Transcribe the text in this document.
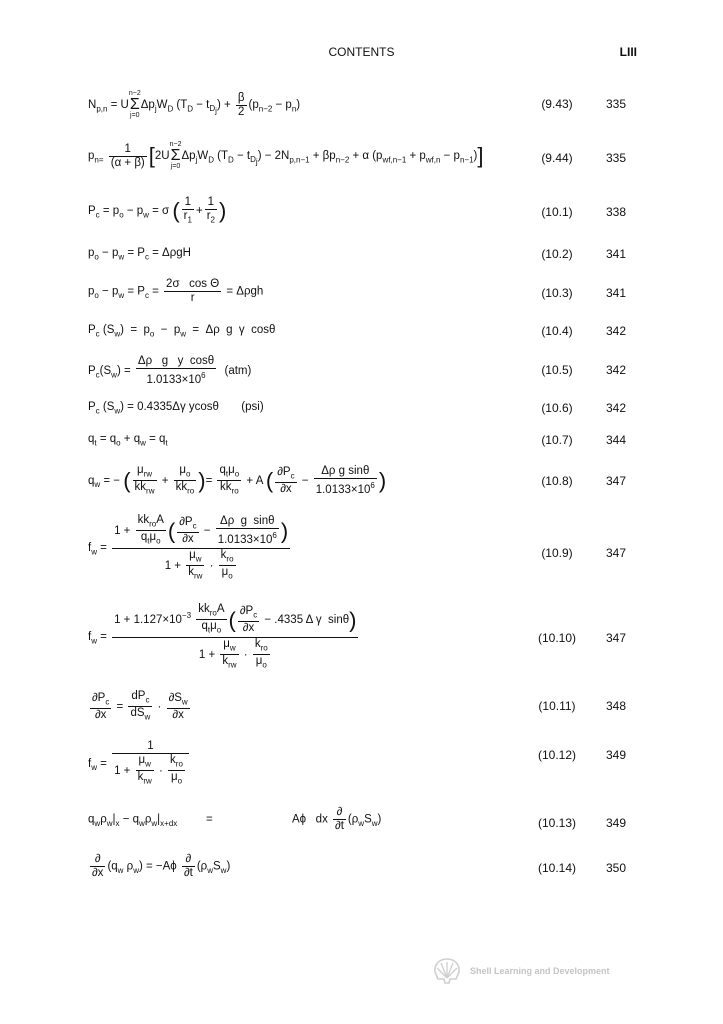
CONTENTS	LIII
$N_{p,n} = Un-2$
Σ
$j=0\Delta p_jW_D$ $(T_D - t_{D_j}) + \frac{\beta}{2} (p_{n-2} - p_n)$	(9.43)	335
$p_{n=} \frac{1}{(\alpha + \beta)} [2Un-2$
Σ
$j=0\Delta p_jW_D$ $(T_D - t_{D_j}) - 2N_{p,n-1} + \beta p_{n-2} + \alpha$ $(p_{wf,n-1} + p_{wf,n} - p_{n-1})$]	(9.44)	335
$P_c = p_o - p_w = \sigma$ ( $\frac{1}{r_1} + \frac{1}{r_2}$ )	(10.1)	338
$p_o - p_w = P_c = \Delta\rho gH$	(10.2)	341
$p_o - p_w = P_c = \frac{\text{2σ   cos Θ}}{r} = \Delta\rho gh$	(10.3)	341
$P_c$ $(S_w) = p_o - p_w = \Delta\rho$  g  γ  cosθ	(10.4)	342
$P_c(S_w) = \frac{\text{Δρ   g   y  cosθ}}{1.0133\times 10^6} (atm)$	(10.5)	342
$P_c$ $(S_w) = 0.4335\Delta\gamma$ ycosθ       (psi)	(10.6)	342
$q_t = q_o + q_w = q_t$	(10.7)	344
$q_w$ = − ( $\frac{\mu_{rw}}{kk_{rw}} + \frac{\mu_o}{kk_{ro}}$ )= $\frac{q_t\mu_o}{kk_{ro}} + A$ ( $\frac{\partial P_c}{\partial x} - \frac{\text{Δρ g sinθ}}{1.0133\times 10^6}$ )	(10.8)	347
$f_w = \frac{1 + \frac{kk_{ro}A}{q_t\mu_o} ( \frac{\partial P_c}{\partial x} - \frac{\text{Δρ  g  sinθ}}{1.0133\times 10^6} )}{1 + \frac{\mu_w}{k_{rw}} \cdot \frac{k_{ro}}{\mu_o}}$	(10.9)	347
$f_w = \frac{1 + 1.127\times 10^{-3} \frac{kk_{ro}A}{q_t\mu_o} ( \frac{\partial P_c}{\partial x} - .4335 \Delta \gamma \sin\theta)}{1 + \frac{\mu_w}{k_{rw}} \cdot \frac{k_{ro}}{\mu_o}}$	(10.10)	347
$\frac{\partial P_c}{\partial x} = \frac{dP_c}{dS_w} \cdot \frac{\partial S_w}{\partial x}$	(10.11)	348
$f_w = \frac{1}{1 + \frac{\mu_w}{k_{rw}} \cdot \frac{k_{ro}}{\mu_o}}$	(10.12)	349
$q_w\rho_w|_x - q_w\rho_w|_{x+dx}$         =                         Aϕ   dx $\frac{\partial}{\partial t} (\rho_wS_w)$	(10.13)	349
$\frac{\partial}{\partial x} (q_w$ $\rho_w) = -A\phi \frac{\partial}{\partial t} (\rho_wS_w)$	(10.14)	350
Shell Learning and Development
